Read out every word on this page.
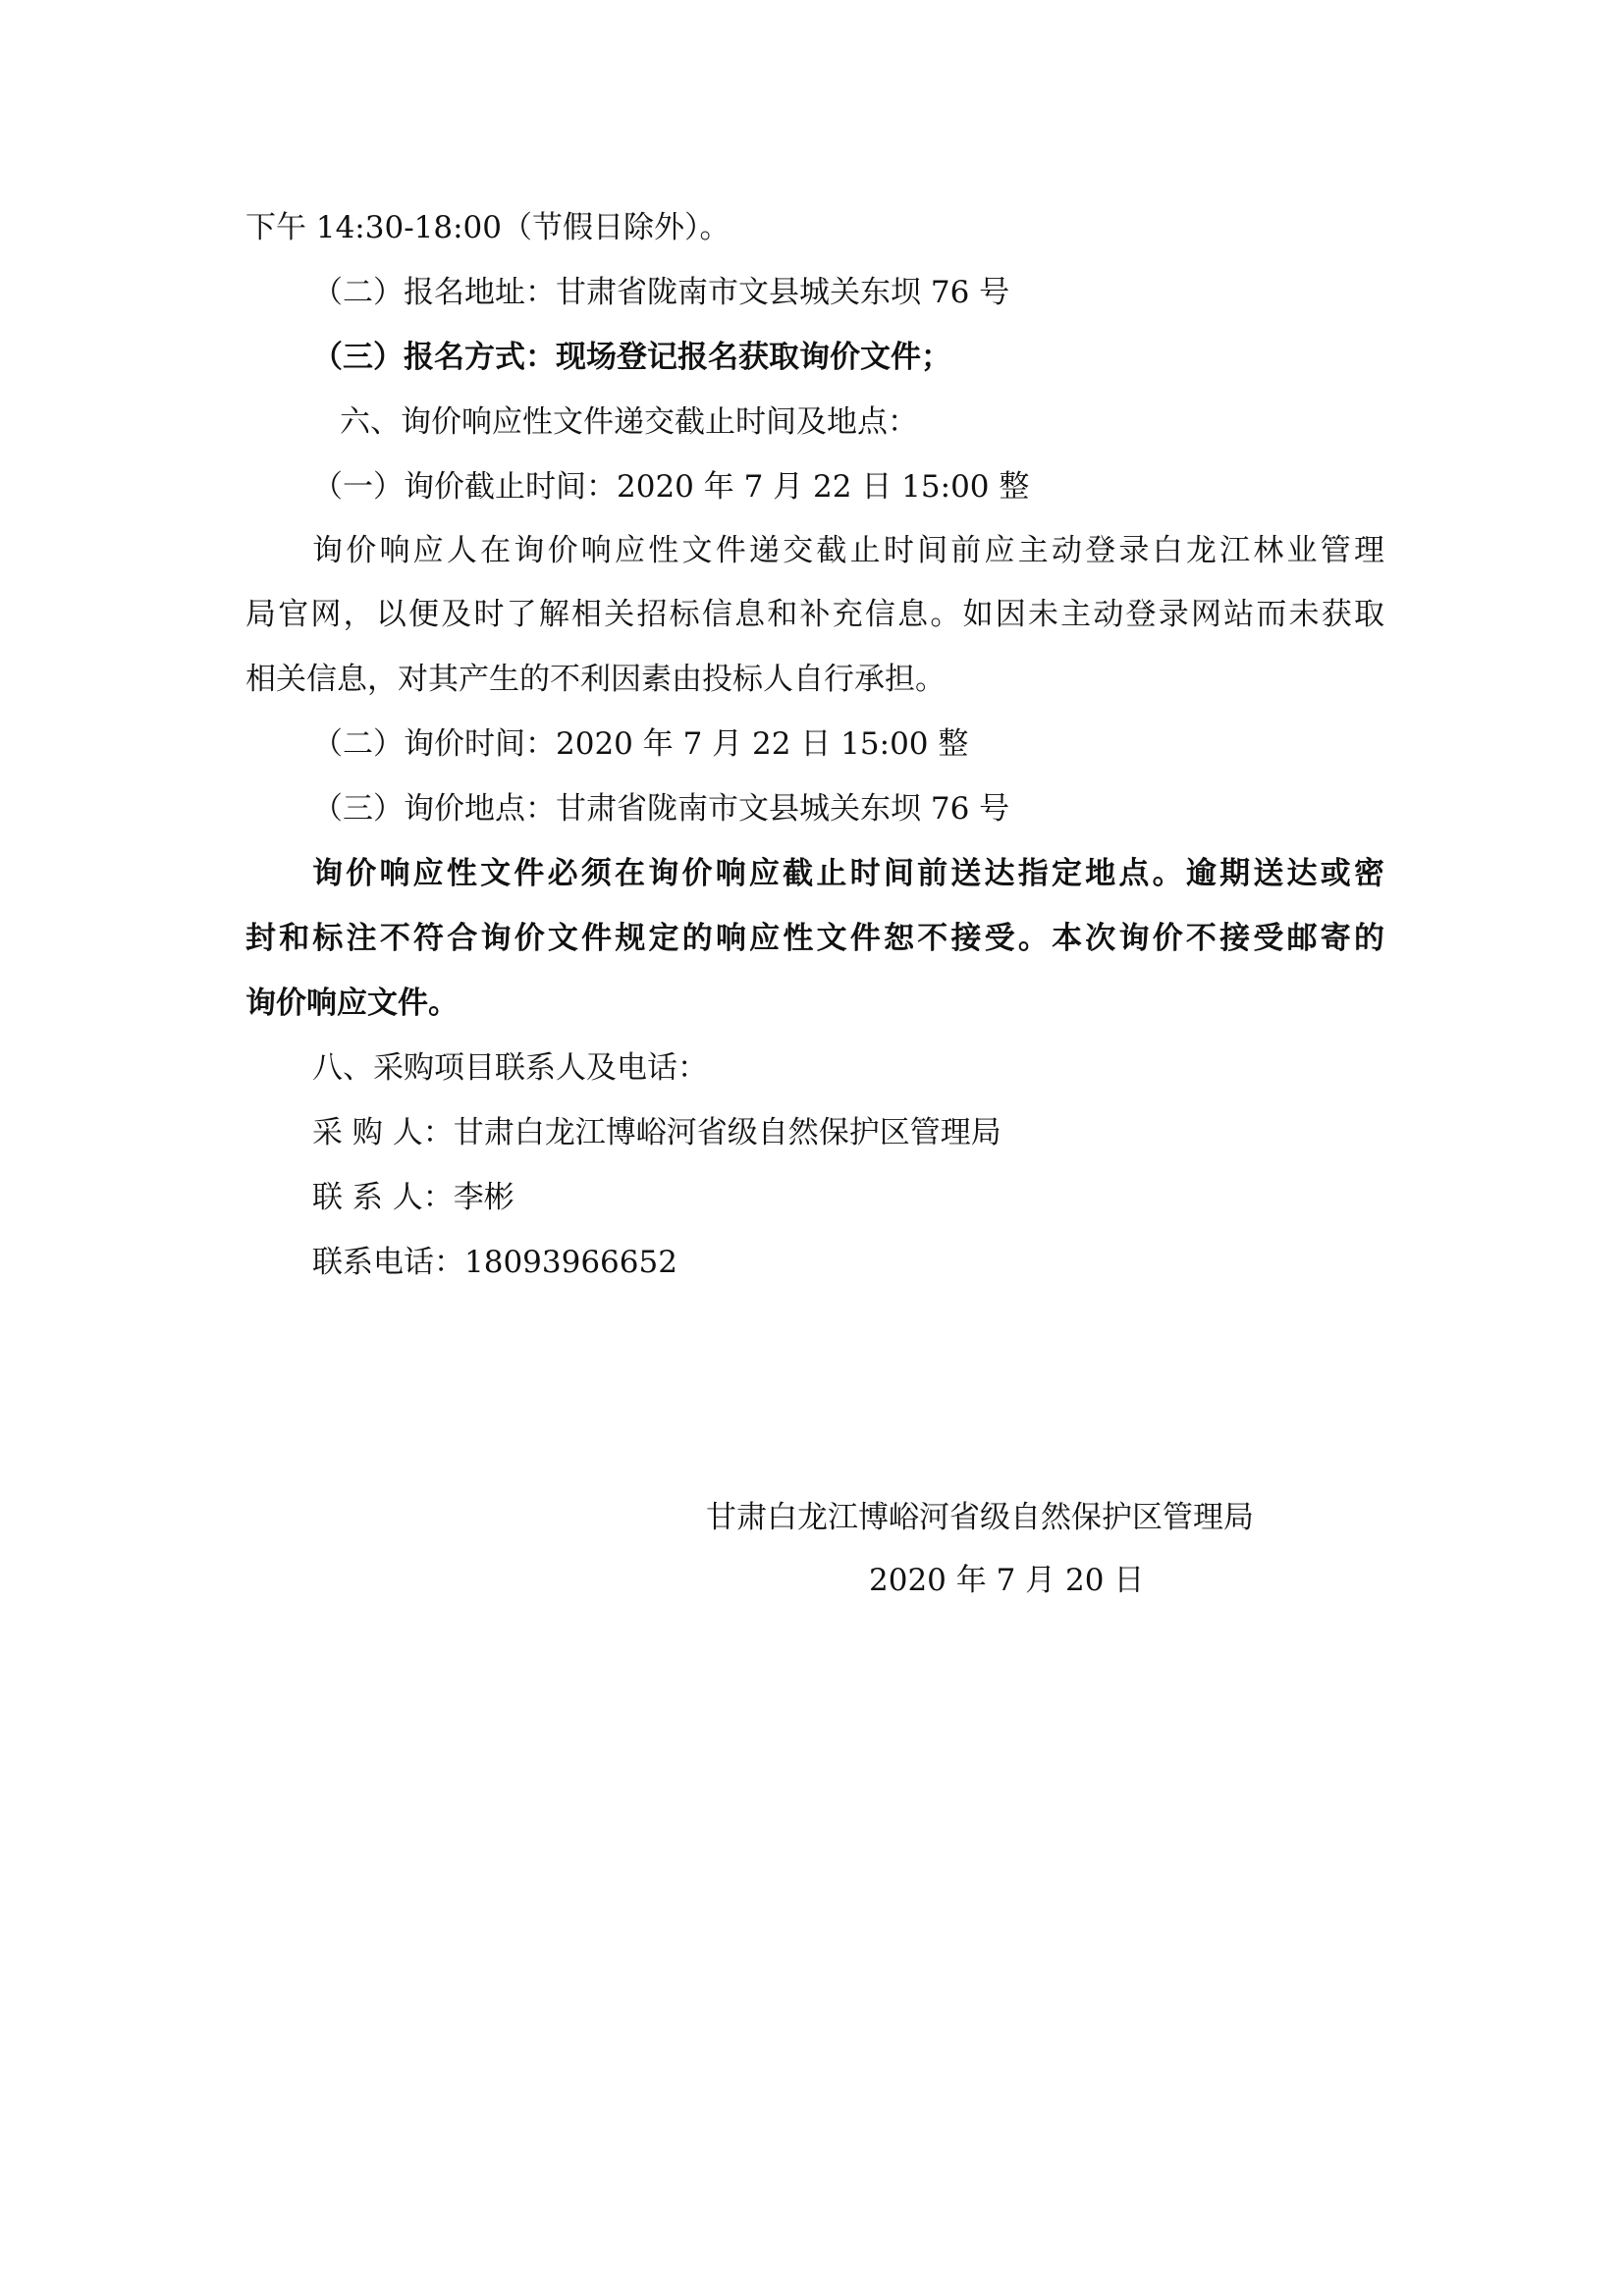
下午 14:30-18:00（节假日除外）。
（二）报名地址：甘肃省陇南市文县城关东坝 76 号
（三）报名方式：现场登记报名获取询价文件；
六、询价响应性文件递交截止时间及地点：
（一）询价截止时间：2020 年 7 月 22 日 15:00 整
询价响应人在询价响应性文件递交截止时间前应主动登录白龙江林业管理
局官网，以便及时了解相关招标信息和补充信息。如因未主动登录网站而未获取
相关信息，对其产生的不利因素由投标人自行承担。
（二）询价时间：2020 年 7 月 22 日 15:00 整
（三）询价地点：甘肃省陇南市文县城关东坝 76 号
询价响应性文件必须在询价响应截止时间前送达指定地点。逾期送达或密
封和标注不符合询价文件规定的响应性文件恕不接受。本次询价不接受邮寄的
询价响应文件。
八、采购项目联系人及电话：
采 购 人：甘肃白龙江博峪河省级自然保护区管理局
联 系 人：李彬
联系电话：18093966652
甘肃白龙江博峪河省级自然保护区管理局
2020 年 7 月 20 日
